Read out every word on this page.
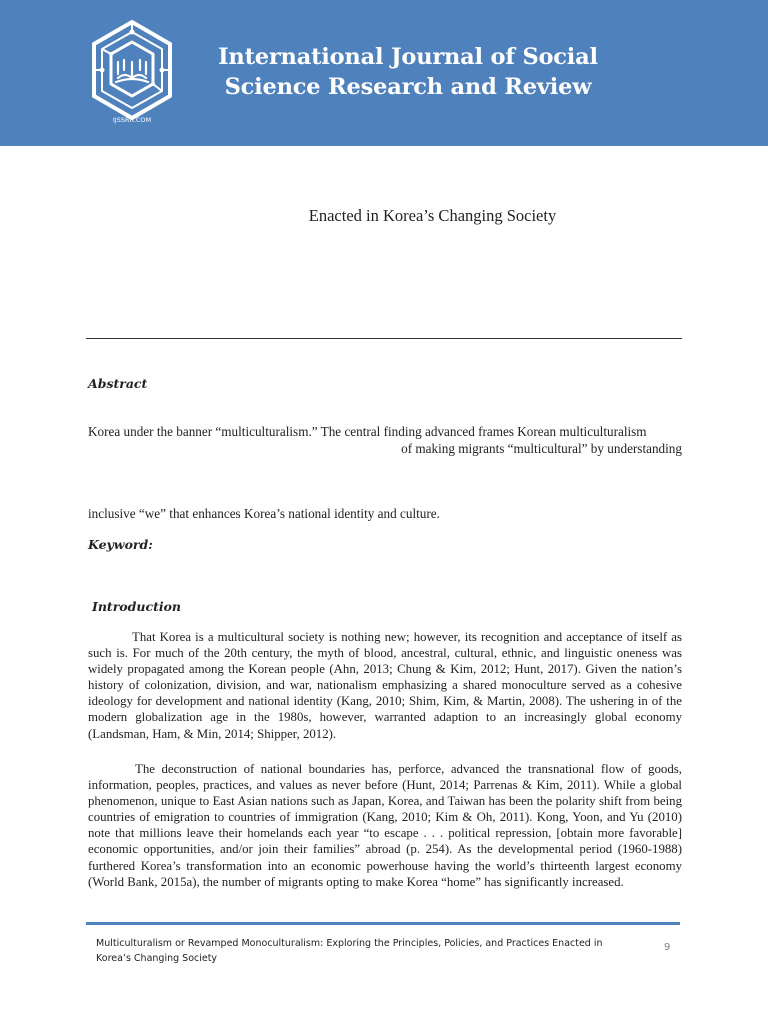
IJSSRR.COM
International Journal of Social Science Research and Review
Enacted in Korea’s Changing Society
Abstract
Korea under the banner “multiculturalism.” The central finding advanced frames Korean multiculturalism
of making migrants “multicultural” by understanding
inclusive “we” that enhances Korea’s national identity and culture.
Keyword:
Introduction

That Korea is a multicultural society is nothing new; however, its recognition and acceptance of itself as such is. For much of the 20th century, the myth of blood, ancestral, cultural, ethnic, and linguistic oneness was widely propagated among the Korean people (Ahn, 2013; Chung & Kim, 2012; Hunt, 2017). Given the nation’s history of colonization, division, and war, nationalism emphasizing a shared monoculture served as a cohesive ideology for development and national identity (Kang, 2010; Shim, Kim, & Martin, 2008). The ushering in of the modern globalization age in the 1980s, however, warranted adaption to an increasingly global economy (Landsman, Ham, & Min, 2014; Shipper, 2012).

The deconstruction of national boundaries has, perforce, advanced the transnational flow of goods, information, peoples, practices, and values as never before (Hunt, 2014; Parrenas & Kim, 2011). While a global phenomenon, unique to East Asian nations such as Japan, Korea, and Taiwan has been the polarity shift from being countries of emigration to countries of immigration (Kang, 2010; Kim & Oh, 2011). Kong, Yoon, and Yu (2010) note that millions leave their homelands each year “to escape . . . political repression, [obtain more favorable] economic opportunities, and/or join their families” abroad (p. 254). As the developmental period (1960-1988) furthered Korea’s transformation into an economic powerhouse having the world’s thirteenth largest economy (World Bank, 2015a), the number of migrants opting to make Korea “home” has significantly increased.

Multiculturalism or Revamped Monoculturalism: Exploring the Principles, Policies, and Practices Enacted in Korea’s Changing Society
9
